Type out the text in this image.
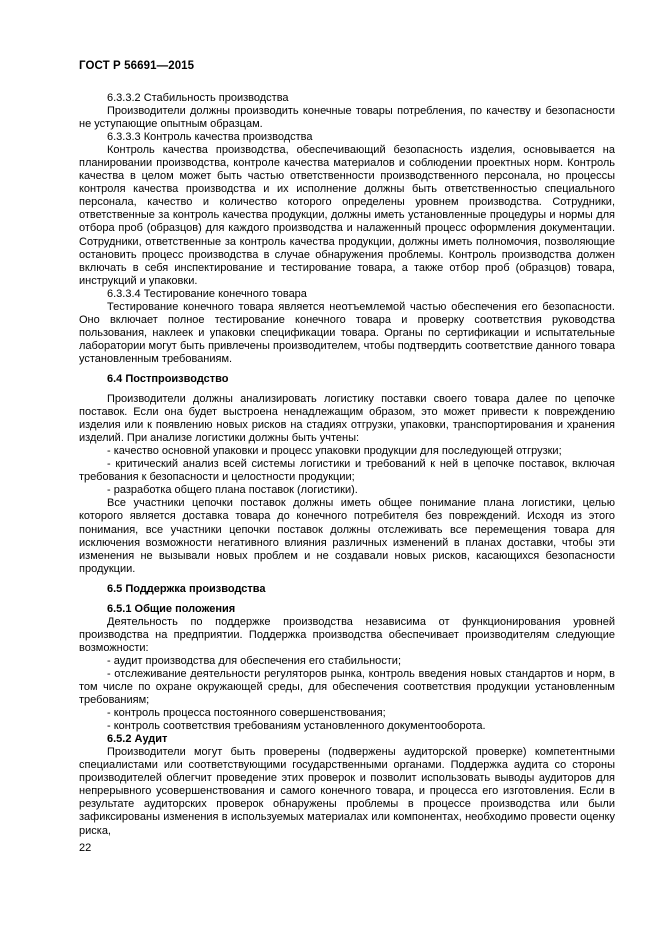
ГОСТ Р 56691—2015

6.3.3.2 Стабильность производства

Производители должны производить конечные товары потребления, по качеству и безопасности не уступающие опытным образцам.

6.3.3.3 Контроль качества производства

Контроль качества производства, обеспечивающий безопасность изделия, основывается на планировании производства, контроле качества материалов и соблюдении проектных норм. Контроль качества в целом может быть частью ответственности производственного персонала, но процессы контроля качества производства и их исполнение должны быть ответственностью специального персонала, качество и количество которого определены уровнем производства. Сотрудники, ответственные за контроль качества продукции, должны иметь установленные процедуры и нормы для отбора проб (образцов) для каждого производства и налаженный процесс оформления документации. Сотрудники, ответственные за контроль качества продукции, должны иметь полномочия, позволяющие остановить процесс производства в случае обнаружения проблемы. Контроль производства должен включать в себя инспектирование и тестирование товара, а также отбор проб (образцов) товара, инструкций и упаковки.

6.3.3.4 Тестирование конечного товара

Тестирование конечного товара является неотъемлемой частью обеспечения его безопасности. Оно включает полное тестирование конечного товара и проверку соответствия руководства пользования, наклеек и упаковки спецификации товара. Органы по сертификации и испытательные лаборатории могут быть привлечены производителем, чтобы подтвердить соответствие данного товара установленным требованиям.

6.4 Постпроизводство

Производители должны анализировать логистику поставки своего товара далее по цепочке поставок. Если она будет выстроена ненадлежащим образом, это может привести к повреждению изделия или к появлению новых рисков на стадиях отгрузки, упаковки, транспортирования и хранения изделий. При анализе логистики должны быть учтены:

- качество основной упаковки и процесс упаковки продукции для последующей отгрузки;

- критический анализ всей системы логистики и требований к ней в цепочке поставок, включая требования к безопасности и целостности продукции;

- разработка общего плана поставок (логистики).

Все участники цепочки поставок должны иметь общее понимание плана логистики, целью которого является доставка товара до конечного потребителя без повреждений. Исходя из этого понимания, все участники цепочки поставок должны отслеживать все перемещения товара для исключения возможности негативного влияния различных изменений в планах доставки, чтобы эти изменения не вызывали новых проблем и не создавали новых рисков, касающихся безопасности продукции.

6.5 Поддержка производства

6.5.1 Общие положения

Деятельность по поддержке производства независима от функционирования уровней производства на предприятии. Поддержка производства обеспечивает производителям следующие возможности:

- аудит производства для обеспечения его стабильности;

- отслеживание деятельности регуляторов рынка, контроль введения новых стандартов и норм, в том числе по охране окружающей среды, для обеспечения соответствия продукции установленным требованиям;

- контроль процесса постоянного совершенствования;

- контроль соответствия требованиям установленного документооборота.

6.5.2 Аудит

Производители могут быть проверены (подвержены аудиторской проверке) компетентными специалистами или соответствующими государственными органами. Поддержка аудита со стороны производителей облегчит проведение этих проверок и позволит использовать выводы аудиторов для непрерывного усовершенствования и самого конечного товара, и процесса его изготовления. Если в результате аудиторских проверок обнаружены проблемы в процессе производства или были зафиксированы изменения в используемых материалах или компонентах, необходимо провести оценку риска,

22
